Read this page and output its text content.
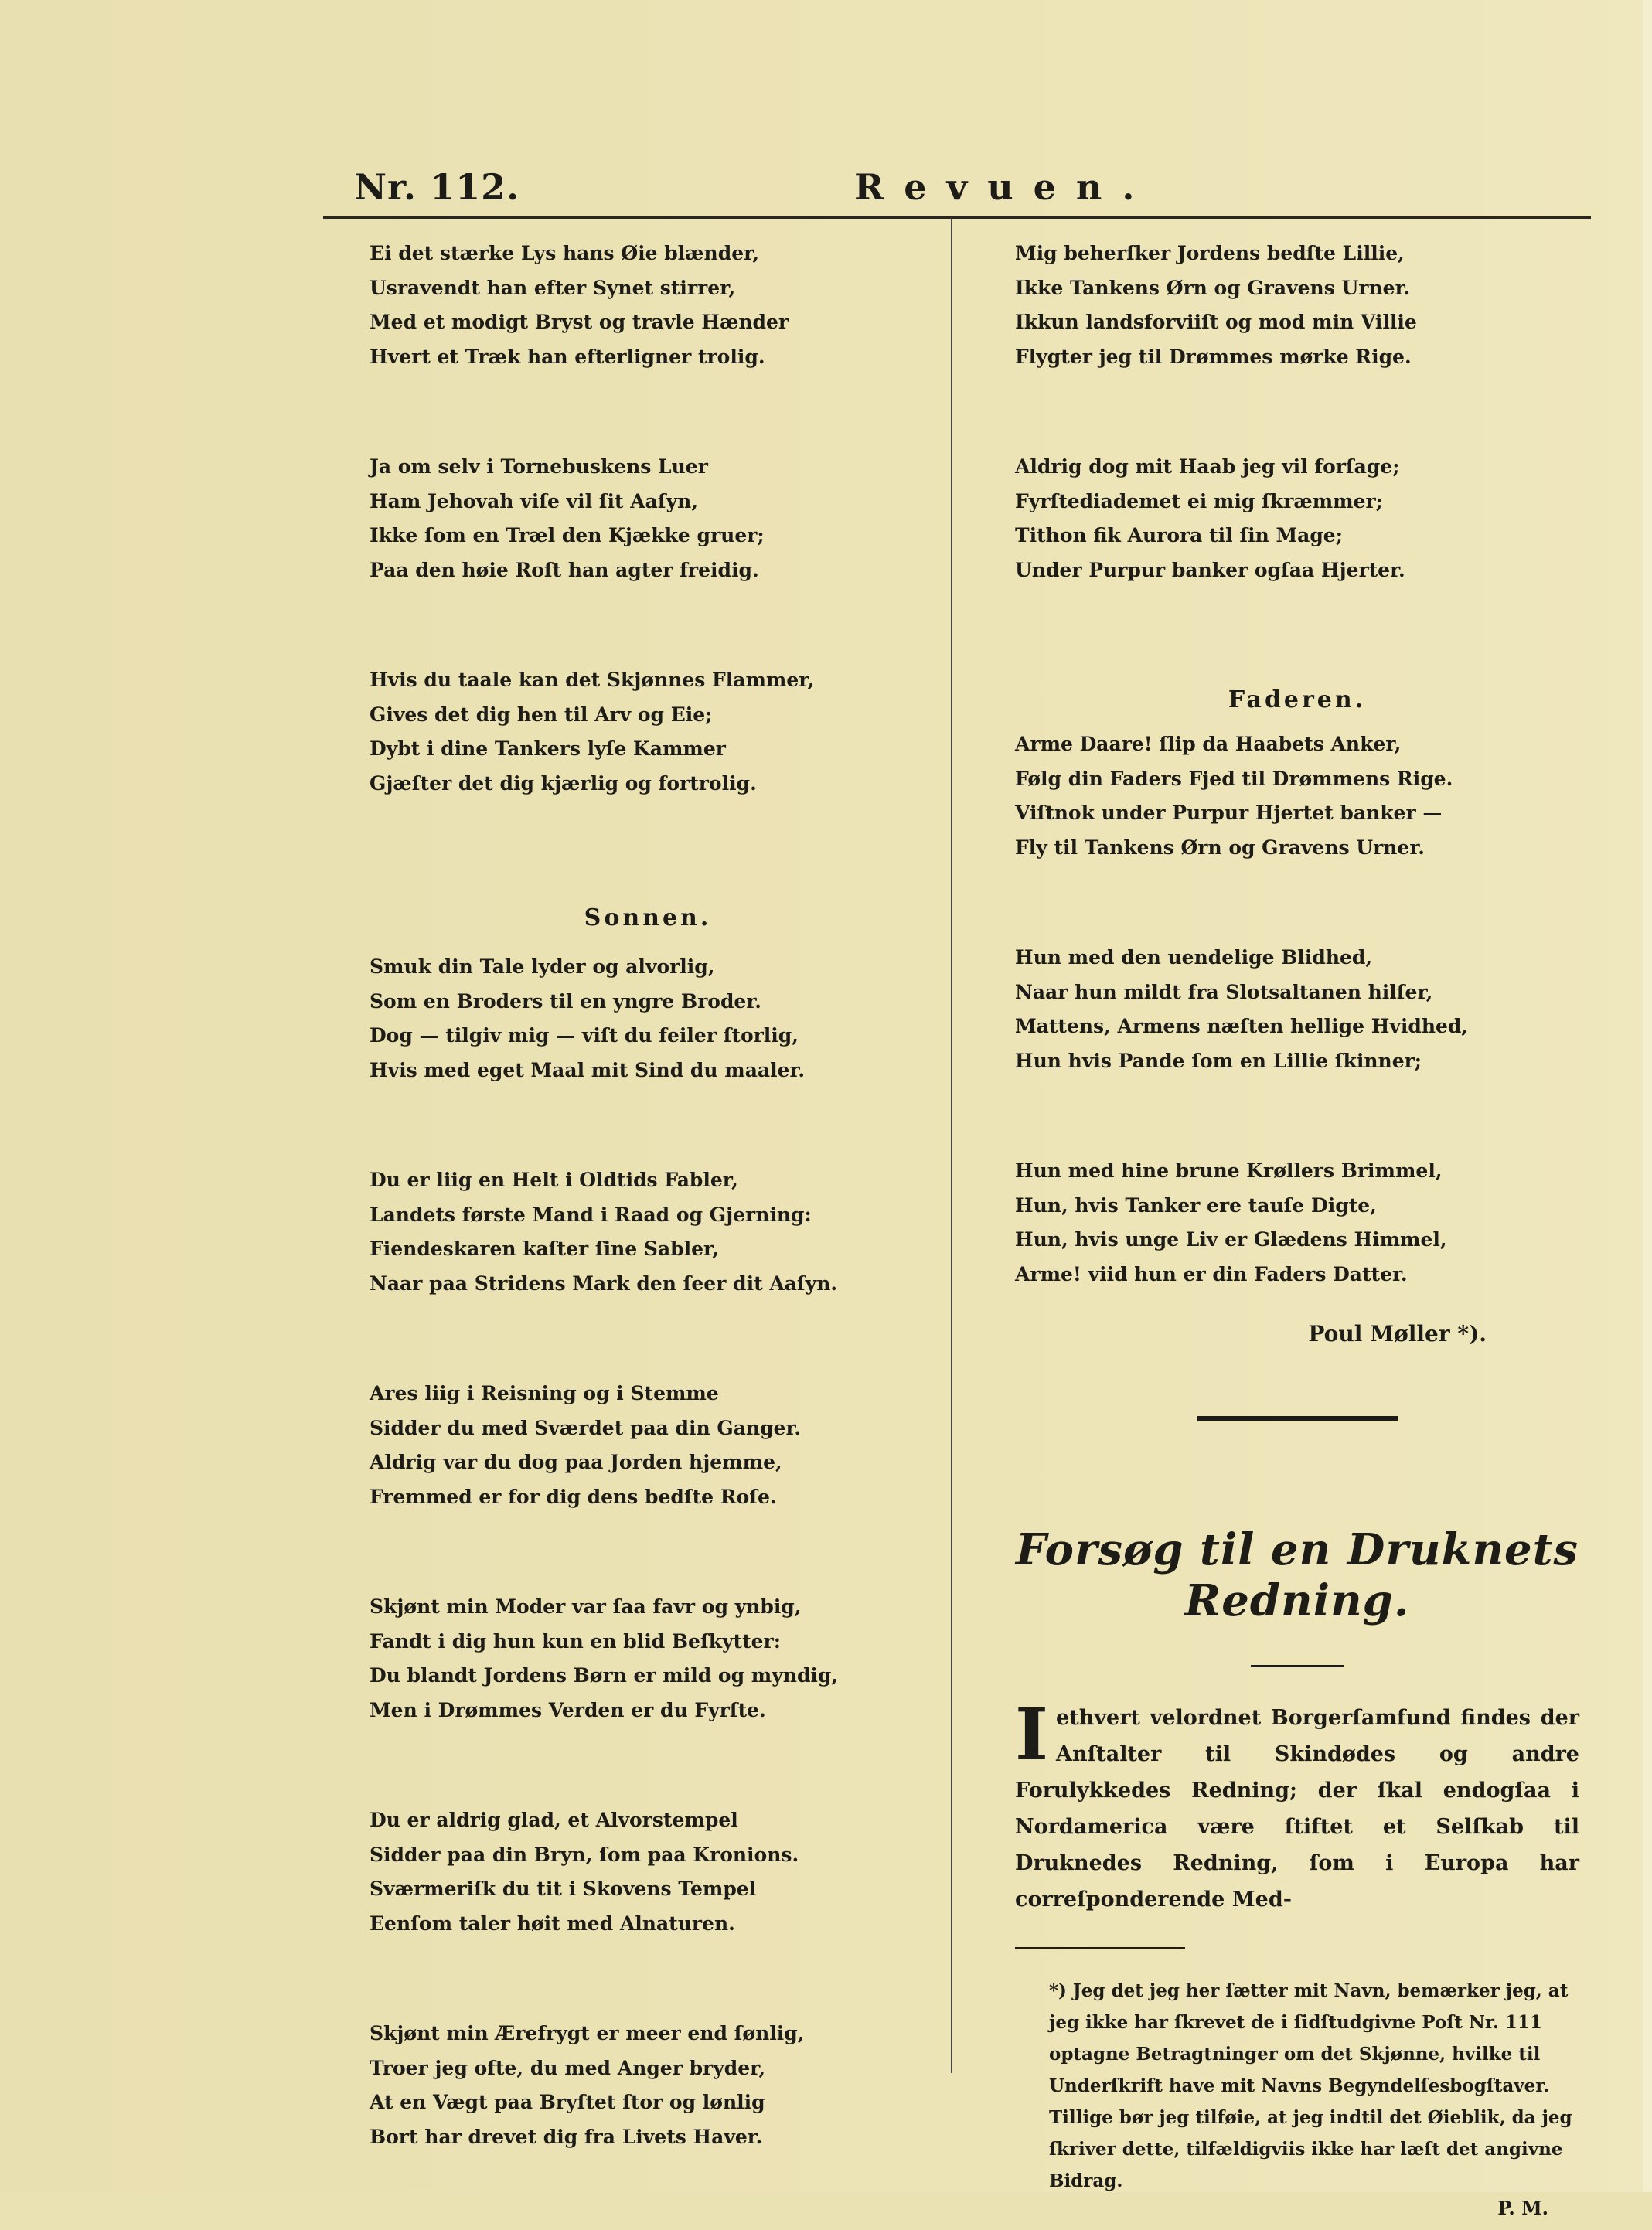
Nr. 112.	Revuen.
Ei det stærke Lys hans Øie blænder,
Usravendt han efter Synet stirrer,
Med et modigt Bryst og travle Hænder
Hvert et Træk han efterligner trolig.
Ja om selv i Tornebuskens Luer
Ham Jehovah viſe vil ſit Aaſyn,
Ikke ſom en Træl den Kjække gruer;
Paa den høie Roſt han agter freidig.
Hvis du taale kan det Skjønnes Flammer,
Gives det dig hen til Arv og Eie;
Dybt i dine Tankers lyſe Kammer
Gjæſter det dig kjærlig og fortrolig.
Sonnen.
Smuk din Tale lyder og alvorlig,
Som en Broders til en yngre Broder.
Dog — tilgiv mig — viſt du feiler ſtorlig,
Hvis med eget Maal mit Sind du maaler.
Du er liig en Helt i Oldtids Fabler,
Landets første Mand i Raad og Gjerning:
Fiendeskaren kaſter ſine Sabler,
Naar paa Stridens Mark den ſeer dit Aaſyn.
Ares liig i Reisning og i Stemme
Sidder du med Sværdet paa din Ganger.
Aldrig var du dog paa Jorden hjemme,
Fremmed er for dig dens bedſte Roſe.
Skjønt min Moder var ſaa favr og ynbig,
Fandt i dig hun kun en blid Beſkytter:
Du blandt Jordens Børn er mild og myndig,
Men i Drømmes Verden er du Fyrſte.
Du er aldrig glad, et Alvorstempel
Sidder paa din Bryn, ſom paa Kronions.
Sværmeriſk du tit i Skovens Tempel
Eenſom taler høit med Alnaturen.
Skjønt min Ærefrygt er meer end ſønlig,
Troer jeg ofte, du med Anger bryder,
At en Vægt paa Bryſtet ſtor og lønlig
Bort har drevet dig fra Livets Haver.
Mig beherſker Jordens bedſte Lillie,
Ikke Tankens Ørn og Gravens Urner.
Ikkun landsforviiſt og mod min Villie
Flygter jeg til Drømmes mørke Rige.
Aldrig dog mit Haab jeg vil forſage;
Fyrſtediademet ei mig ſkræmmer;
Tithon fik Aurora til ſin Mage;
Under Purpur banker ogſaa Hjerter.
Faderen.
Arme Daare! ſlip da Haabets Anker,
Følg din Faders Fjed til Drømmens Rige.
Viſtnok under Purpur Hjertet banker —
Fly til Tankens Ørn og Gravens Urner.
Hun med den uendelige Blidhed,
Naar hun mildt fra Slotsaltanen hilſer,
Mattens, Armens næſten hellige Hvidhed,
Hun hvis Pande ſom en Lillie ſkinner;
Hun med hine brune Krøllers Brimmel,
Hun, hvis Tanker ere tauſe Digte,
Hun, hvis unge Liv er Glædens Himmel,
Arme! viid hun er din Faders Datter.
Poul Møller *).
Forsøg til en Druknets Redning.
Iethvert velordnet Borgerſamfund findes der Anſtalter til Skindødes og andre Forulykkedes Redning; der ſkal endogſaa i Nordamerica være ſtiftet et Selſkab til Druknedes Redning, ſom i Europa har correſponderende Med-
*) Jeg det jeg her ſætter mit Navn, bemærker jeg, at jeg ikke har ſkrevet de i ſidſtudgivne Poſt Nr. 111 optagne Betragtninger om det Skjønne, hvilke til Underſkrift have mit Navns Begyndelſesbogſtaver. Tillige bør jeg tilføie, at jeg indtil det Øieblik, da jeg ſkriver dette, tilfældigviis ikke har læſt det angivne Bidrag.
P. M.
